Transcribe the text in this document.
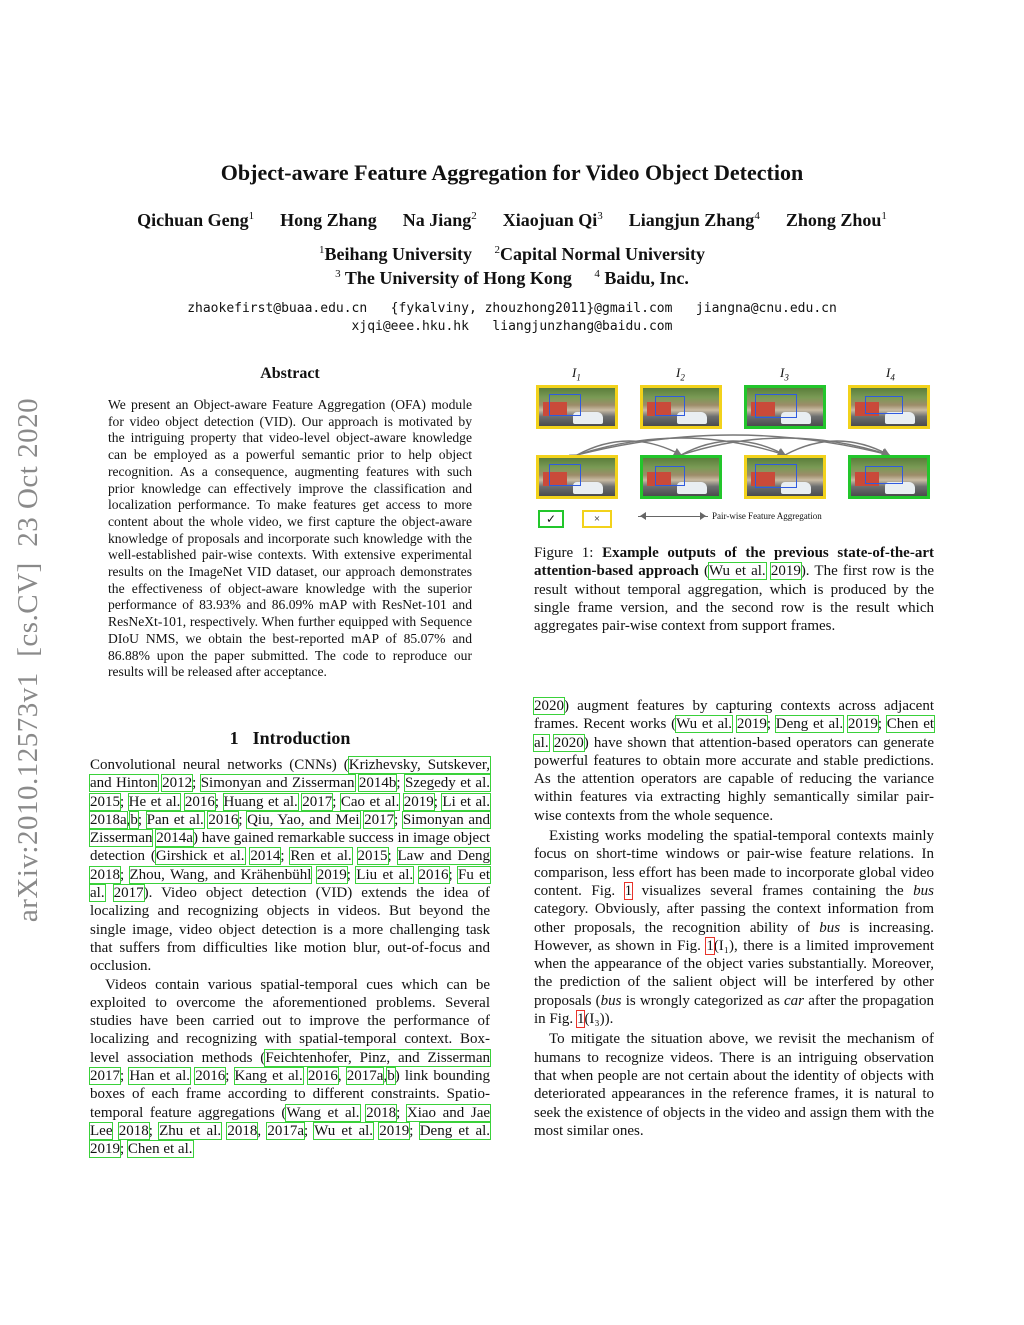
Object-aware Feature Aggregation for Video Object Detection
Qichuan Geng$^1$ Hong Zhang Na Jiang$^2$ Xiaojuan Qi$^3$ Liangjun Zhang$^4$ Zhong Zhou$^1$
$^1$Beihang University $^2$Capital Normal University
$^3$ The University of Hong Kong $^4$ Baidu, Inc.
zhaokefirst@buaa.edu.cn   {fykalviny, zhouzhong2011}@gmail.com   jiangna@cnu.edu.cn
xjqi@eee.hku.hk   liangjunzhang@baidu.com
arXiv:2010.12573v1  [cs.CV]  23 Oct 2020
Abstract
We present an Object-aware Feature Aggregation (OFA) module for video object detection (VID). Our approach is motivated by the intriguing property that video-level object-aware knowledge can be employed as a powerful semantic prior to help object recognition. As a consequence, augmenting features with such prior knowledge can effectively improve the classification and localization performance. To make features get access to more content about the whole video, we first capture the object-aware knowledge of proposals and incorporate such knowledge with the well-established pair-wise contexts. With extensive experimental results on the ImageNet VID dataset, our approach demonstrates the effectiveness of object-aware knowledge with the superior performance of 83.93% and 86.09% mAP with ResNet-101 and ResNeXt-101, respectively. When further equipped with Sequence DIoU NMS, we obtain the best-reported mAP of 85.07% and 86.88% upon the paper submitted. The code to reproduce our results will be released after acceptance.
1 Introduction

Convolutional neural networks (CNNs) (Krizhevsky, Sutskever, and Hinton 2012; Simonyan and Zisserman 2014b; Szegedy et al. 2015; He et al. 2016; Huang et al. 2017; Cao et al. 2019; Li et al. 2018a,b; Pan et al. 2016; Qiu, Yao, and Mei 2017; Simonyan and Zisserman 2014a) have gained remarkable success in image object detection (Girshick et al. 2014; Ren et al. 2015; Law and Deng 2018; Zhou, Wang, and Krähenbühl 2019; Liu et al. 2016; Fu et al. 2017). Video object detection (VID) extends the idea of localizing and recognizing objects in videos. But beyond the single image, video object detection is a more challenging task that suffers from difficulties like motion blur, out-of-focus and occlusion.

Videos contain various spatial-temporal cues which can be exploited to overcome the aforementioned problems. Several studies have been carried out to improve the performance of localizing and recognizing with spatial-temporal context. Box-level association methods (Feichtenhofer, Pinz, and Zisserman 2017; Han et al. 2016; Kang et al. 2016, 2017a,b) link bounding boxes of each frame according to different constraints. Spatio-temporal feature aggregations (Wang et al. 2018; Xiao and Jae Lee 2018; Zhu et al. 2018, 2017a; Wu et al. 2019; Deng et al. 2019; Chen et al.

$I_1$	$I_2$	$I_3$	$I_4$
✓	×	Pair-wise Feature Aggregation
Figure 1: Example outputs of the previous state-of-the-art attention-based approach (Wu et al. 2019). The first row is the result without temporal aggregation, which is produced by the single frame version, and the second row is the result which aggregates pair-wise context from support frames.

2020) augment features by capturing contexts across adjacent frames. Recent works (Wu et al. 2019; Deng et al. 2019; Chen et al. 2020) have shown that attention-based operators can generate powerful features to obtain more accurate and stable predictions. As the attention operators are capable of reducing the variance within features via extracting highly semantically similar pair-wise contexts from the whole sequence.

Existing works modeling the spatial-temporal contexts mainly focus on short-time windows or pair-wise feature relations. In comparison, less effort has been made to incorporate global video content. Fig. 1 visualizes several frames containing the bus category. Obviously, after passing the context information from other proposals, the recognition ability of bus is increasing. However, as shown in Fig. 1(I₁), there is a limited improvement when the appearance of the object varies substantially. Moreover, the prediction of the salient object will be interfered by other proposals (bus is wrongly categorized as car after the propagation in Fig. 1(I₃)).

To mitigate the situation above, we revisit the mechanism of humans to recognize videos. There is an intriguing observation that when people are not certain about the identity of objects with deteriorated appearances in the reference frames, it is natural to seek the existence of objects in the video and assign them with the most similar ones.
